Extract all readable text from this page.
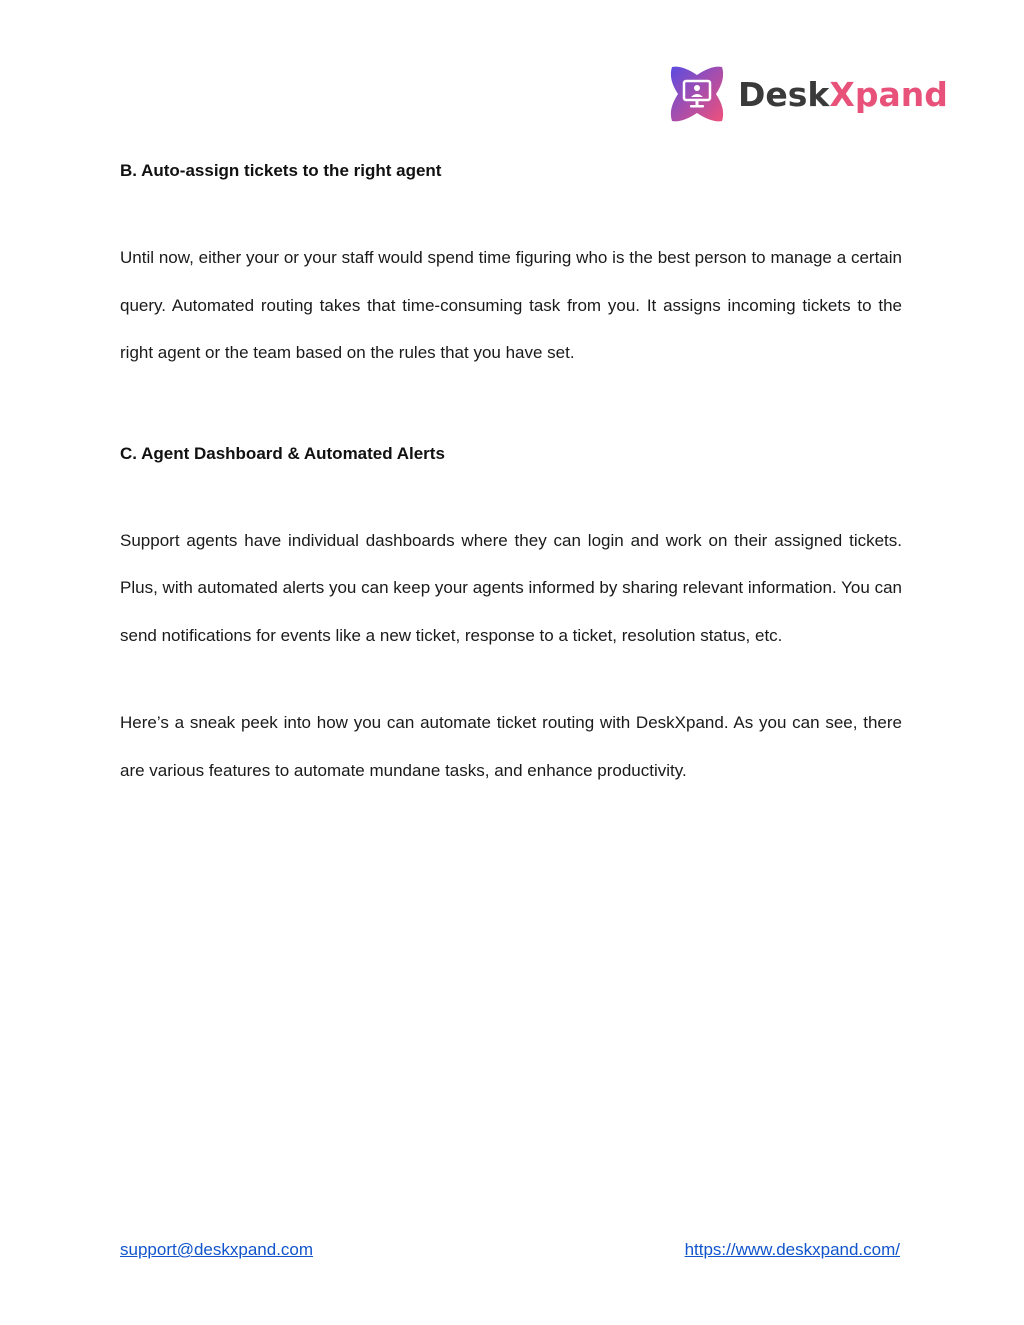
DeskXpand

B. Auto-assign tickets to the right agent

Until now, either your or your staff would spend time figuring who is the best person to manage a certain query. Automated routing takes that time-consuming task from you. It assigns incoming tickets to the right agent or the team based on the rules that you have set.

C. Agent Dashboard & Automated Alerts

Support agents have individual dashboards where they can login and work on their assigned tickets. Plus, with automated alerts you can keep your agents informed by sharing relevant information. You can send notifications for events like a new ticket, response to a ticket, resolution status, etc.

Here’s a sneak peek into how you can automate ticket routing with DeskXpand. As you can see, there are various features to automate mundane tasks, and enhance productivity.

support@deskxpand.com	https://www.deskxpand.com/
